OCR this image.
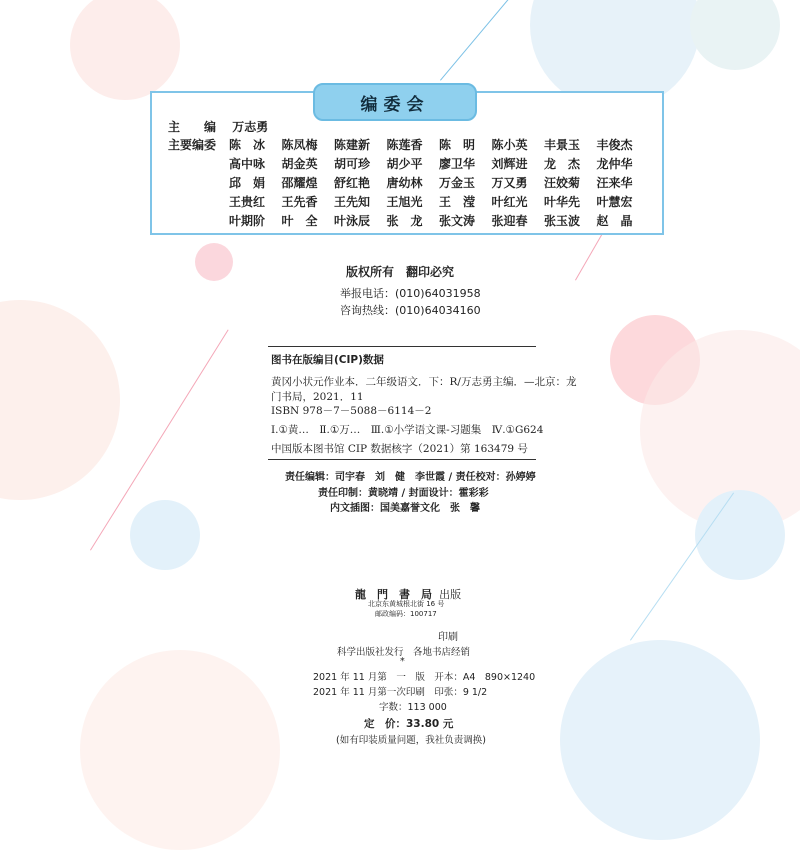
编委会
主　　编 万志勇
主要编委	陈　冰 陈凤梅 陈建新 陈莲香 陈　明 陈小英 丰景玉 丰俊杰
高中咏 胡金英 胡可珍 胡少平 廖卫华 刘辉进 龙　杰 龙仲华
邱　娟 邵耀煌 舒红艳 唐幼林 万金玉 万又勇 汪姣菊 汪来华
王贵红 王先香 王先知 王旭光 王　滢 叶红光 叶华先 叶慧宏
叶期阶 叶　全 叶泳辰 张　龙 张文涛 张迎春 张玉波 赵　晶
版权所有　翻印必究
举报电话：(010)64031958
咨询热线：(010)64034160
图书在版编目(CIP)数据
黄冈小状元作业本．二年级语文．下：R/万志勇主编．—北京：龙
门书局，2021．11
ISBN 978－7－5088－6114－2
Ⅰ.①黄…　Ⅱ.①万…　Ⅲ.①小学语文课-习题集　Ⅳ.①G624
中国版本图书馆 CIP 数据核字（2021）第 163479 号
责任编辑：司宇春　刘　健　李世霞 / 责任校对：孙婷婷
责任印制：黄晓靖 / 封面设计：霍彩彩
内文插图：国美嘉誉文化　张　馨
龍　門　書　局 出版
北京东黄城根北街 16 号
邮政编码：100717
印刷
科学出版社发行　各地书店经销
*
2021 年 11 月第　一　版　开本：A4　890×1240
2021 年 11 月第一次印刷　印张：9 1/2
字数：113 000
定　价：33.80 元
(如有印装质量问题，我社负责调换)
